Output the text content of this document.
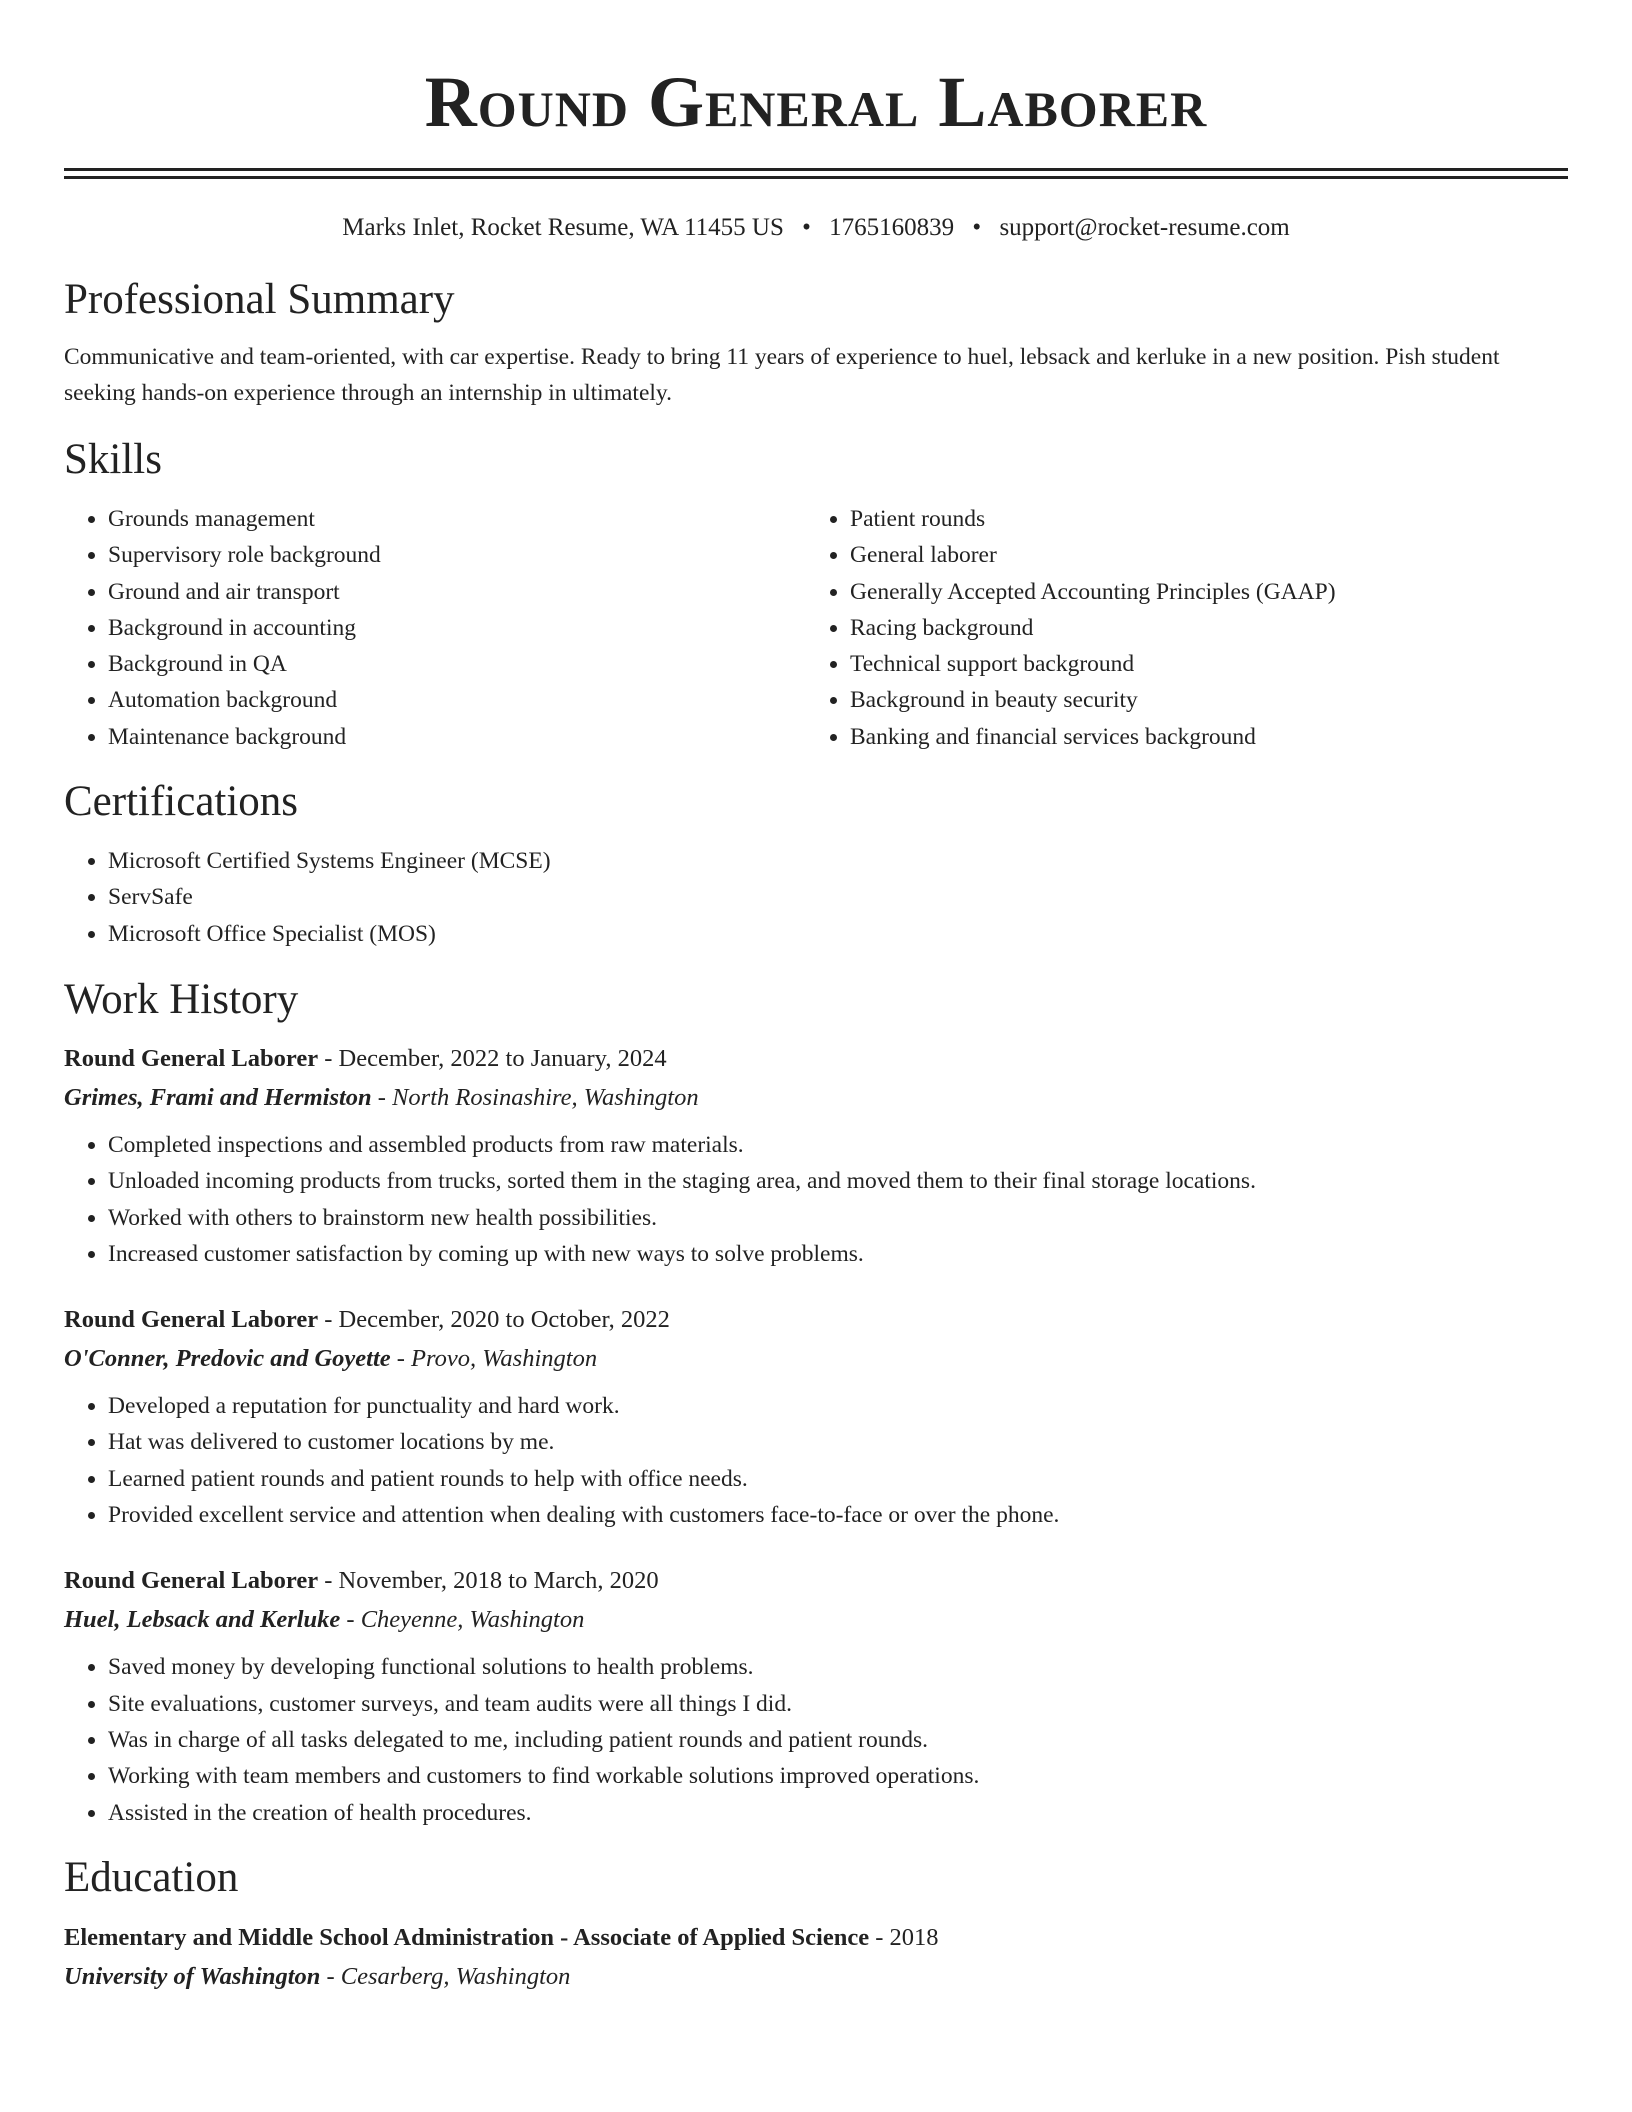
Round General Laborer
Marks Inlet, Rocket Resume, WA 11455 US • 1765160839 • support@rocket-resume.com
Professional Summary

Communicative and team-oriented, with car expertise. Ready to bring 11 years of experience to huel, lebsack and kerluke in a new position. Pish student seeking hands-on experience through an internship in ultimately.

Skills
• Grounds management
• Supervisory role background
• Ground and air transport
• Background in accounting
• Background in QA
• Automation background
• Maintenance background
• Patient rounds
• General laborer
• Generally Accepted Accounting Principles (GAAP)
• Racing background
• Technical support background
• Background in beauty security
• Banking and financial services background
Certifications
• Microsoft Certified Systems Engineer (MCSE)
• ServSafe
• Microsoft Office Specialist (MOS)
Work History
Round General Laborer - December, 2022 to January, 2024
Grimes, Frami and Hermiston - North Rosinashire, Washington
• Completed inspections and assembled products from raw materials.
• Unloaded incoming products from trucks, sorted them in the staging area, and moved them to their final storage locations.
• Worked with others to brainstorm new health possibilities.
• Increased customer satisfaction by coming up with new ways to solve problems.
Round General Laborer - December, 2020 to October, 2022
O'Conner, Predovic and Goyette - Provo, Washington
• Developed a reputation for punctuality and hard work.
• Hat was delivered to customer locations by me.
• Learned patient rounds and patient rounds to help with office needs.
• Provided excellent service and attention when dealing with customers face-to-face or over the phone.
Round General Laborer - November, 2018 to March, 2020
Huel, Lebsack and Kerluke - Cheyenne, Washington
• Saved money by developing functional solutions to health problems.
• Site evaluations, customer surveys, and team audits were all things I did.
• Was in charge of all tasks delegated to me, including patient rounds and patient rounds.
• Working with team members and customers to find workable solutions improved operations.
• Assisted in the creation of health procedures.
Education
Elementary and Middle School Administration - Associate of Applied Science - 2018
University of Washington - Cesarberg, Washington
